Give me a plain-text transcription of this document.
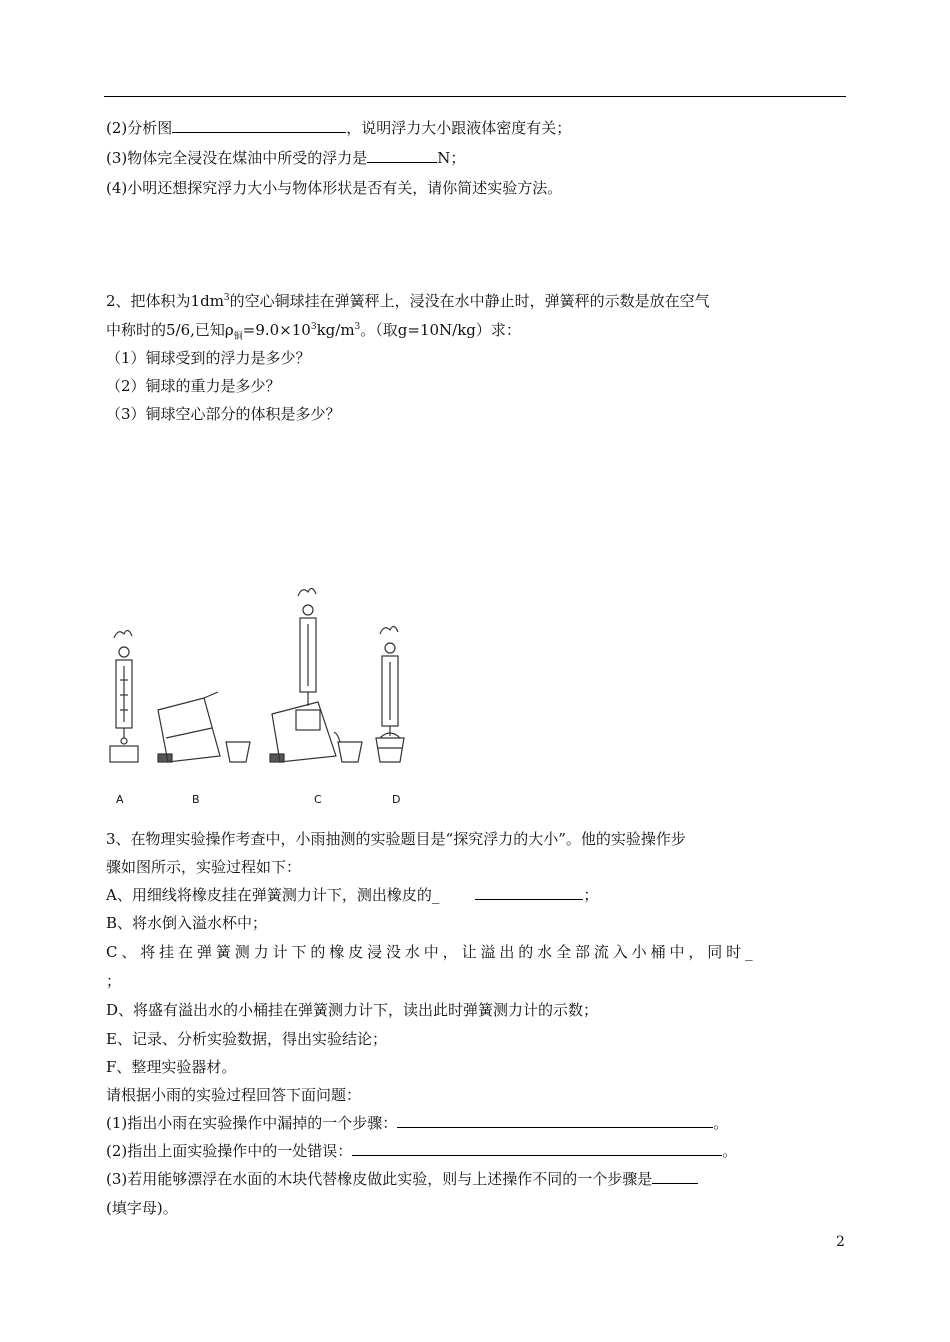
(2)分析图	，说明浮力大小跟液体密度有关；
(3)物体完全浸没在煤油中所受的浮力是	N；
(4)小明还想探究浮力大小与物体形状是否有关，请你简述实验方法。
2、把体积为$1dm^3$的空心铜球挂在弹簧秤上，浸没在水中静止时，弹簧秤的示数是放在空气
中称时的5/6,已知$\rho_铜=9.0\times 10^3kg/m^3$。（取g=10N/kg）求：
（1）铜球受到的浮力是多少？
（2）铜球的重力是多少？
（3）铜球空心部分的体积是多少？
A	B	C	D
3、在物理实验操作考查中，小雨抽测的实验题目是“探究浮力的大小”。他的实验操作步
骤如图所示，实验过程如下：
A、用细线将橡皮挂在弹簧测力计下，测出橡皮的_	；
B、将水倒入溢水杯中；
C、将挂在弹簧测力计下的橡皮浸没水中，让溢出的水全部流入小桶中，同时_
；
D、将盛有溢出水的小桶挂在弹簧测力计下，读出此时弹簧测力计的示数；
E、记录、分析实验数据，得出实验结论；
F、整理实验器材。
请根据小雨的实验过程回答下面问题：
(1)指出小雨在实验操作中漏掉的一个步骤：	。
(2)指出上面实验操作中的一处错误：	。
(3)若用能够漂浮在水面的木块代替橡皮做此实验，则与上述操作不同的一个步骤是
(填字母)。
2
